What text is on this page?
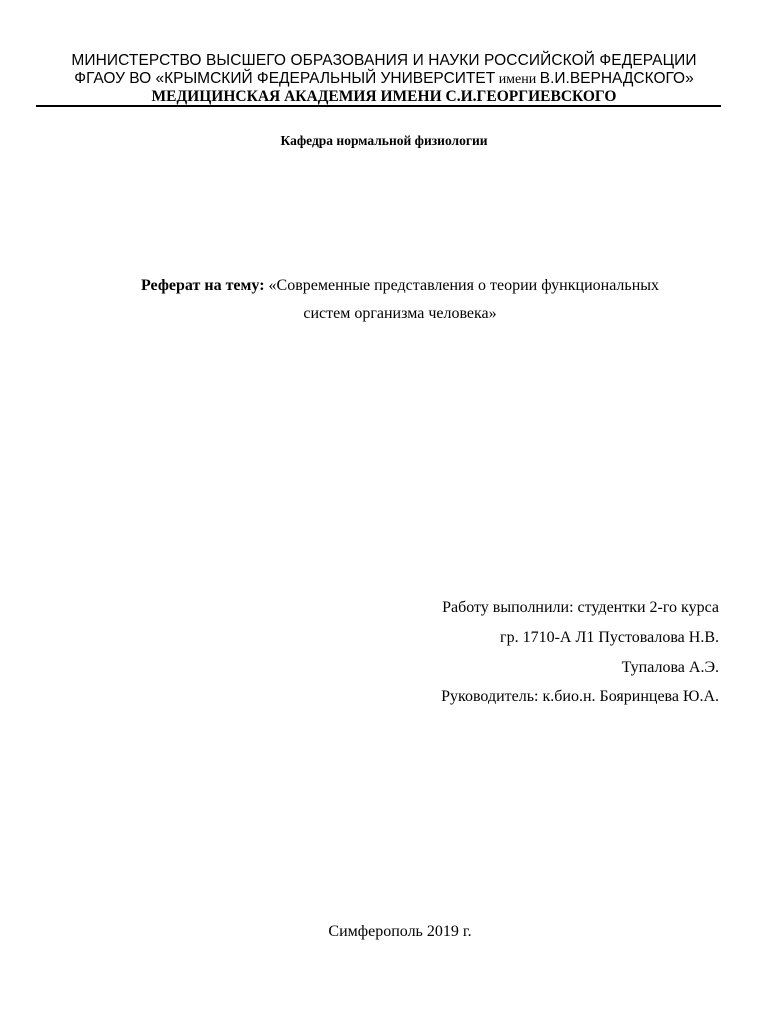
МИНИСТЕРСТВО ВЫСШЕГО ОБРАЗОВАНИЯ И НАУКИ РОССИЙСКОЙ ФЕДЕРАЦИИ
ФГАОУ ВО «КРЫМСКИЙ ФЕДЕРАЛЬНЫЙ УНИВЕРСИТЕТ имени В.И.ВЕРНАДСКОГО»
МЕДИЦИНСКАЯ АКАДЕМИЯ ИМЕНИ С.И.ГЕОРГИЕВСКОГО
Кафедра нормальной физиологии
Реферат на тему: «Современные представления о теории функциональных
систем организма человека»
Работу выполнили: студентки 2-го курса
гр. 1710-А Л1 Пустовалова Н.В.
Тупалова А.Э.
Руководитель: к.био.н. Бояринцева Ю.А.
Симферополь 2019 г.
